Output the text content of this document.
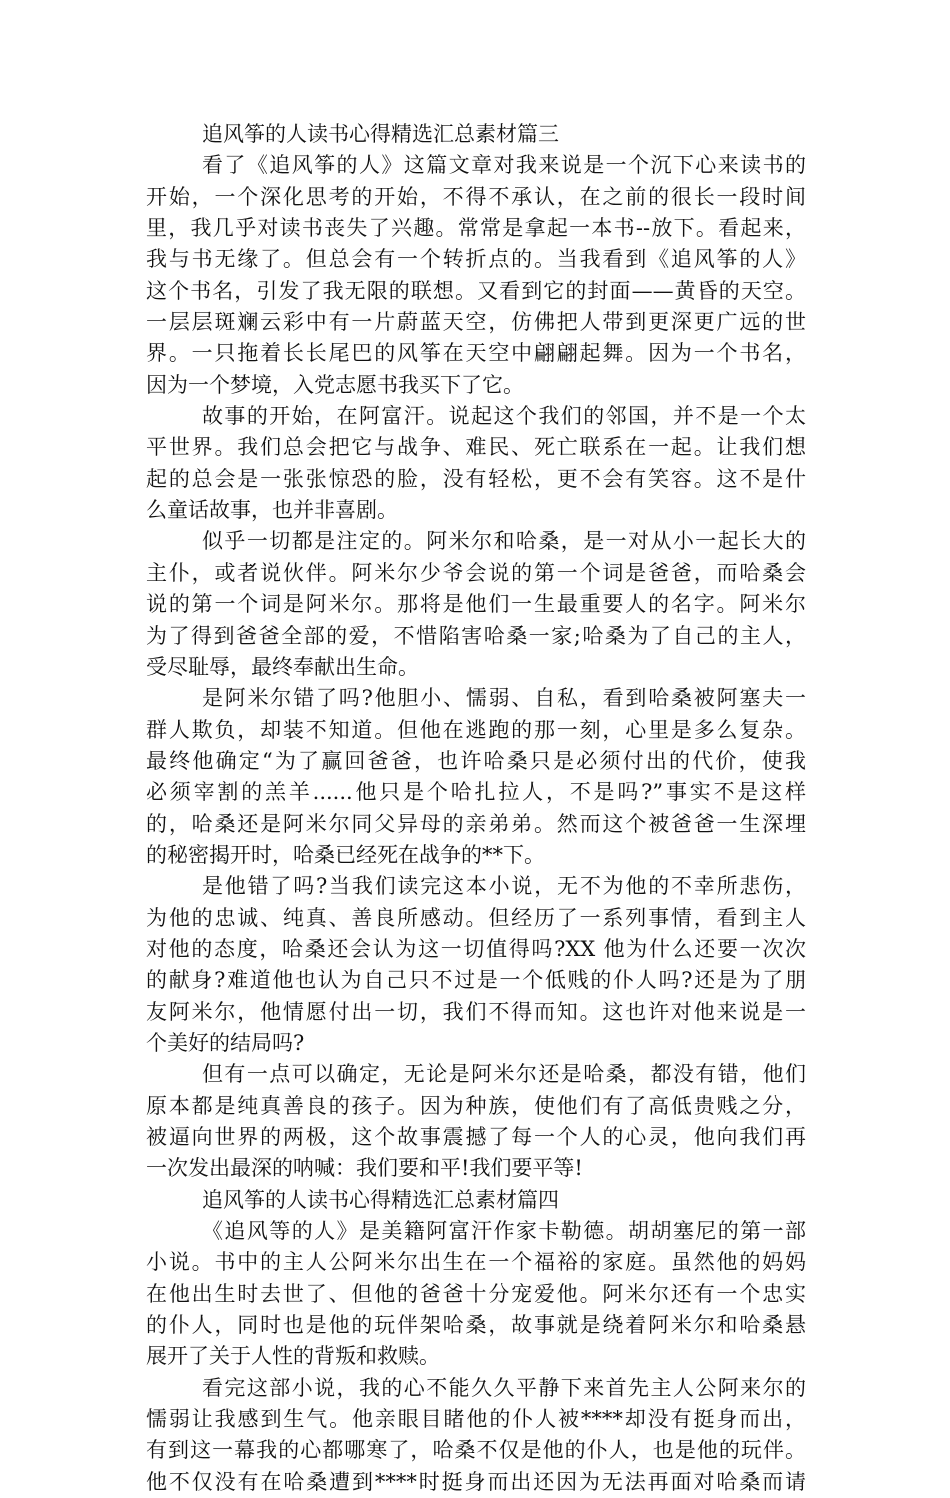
追风筝的人读书心得精选汇总素材篇三
看了《追风筝的人》这篇文章对我来说是一个沉下心来读书的
开始，一个深化思考的开始，不得不承认，在之前的很长一段时间
里，我几乎对读书丧失了兴趣。常常是拿起一本书--放下。看起来，
我与书无缘了。但总会有一个转折点的。当我看到《追风筝的人》
这个书名，引发了我无限的联想。又看到它的封面——黄昏的天空。
一层层斑斓云彩中有一片蔚蓝天空，仿佛把人带到更深更广远的世
界。一只拖着长长尾巴的风筝在天空中翩翩起舞。因为一个书名，
因为一个梦境，入党志愿书我买下了它。
故事的开始，在阿富汗。说起这个我们的邻国，并不是一个太
平世界。我们总会把它与战争、难民、死亡联系在一起。让我们想
起的总会是一张张惊恐的脸，没有轻松，更不会有笑容。这不是什
么童话故事，也并非喜剧。
似乎一切都是注定的。阿米尔和哈桑，是一对从小一起长大的
主仆，或者说伙伴。阿米尔少爷会说的第一个词是爸爸，而哈桑会
说的第一个词是阿米尔。那将是他们一生最重要人的名字。阿米尔
为了得到爸爸全部的爱，不惜陷害哈桑一家;哈桑为了自己的主人，
受尽耻辱，最终奉献出生命。
是阿米尔错了吗?他胆小、懦弱、自私，看到哈桑被阿塞夫一
群人欺负，却装不知道。但他在逃跑的那一刻，心里是多么复杂。
最终他确定“为了赢回爸爸，也许哈桑只是必须付出的代价，使我
必须宰割的羔羊......他只是个哈扎拉人，不是吗?”事实不是这样
的，哈桑还是阿米尔同父异母的亲弟弟。然而这个被爸爸一生深埋
的秘密揭开时，哈桑已经死在战争的**下。
是他错了吗?当我们读完这本小说，无不为他的不幸所悲伤，
为他的忠诚、纯真、善良所感动。但经历了一系列事情，看到主人
对他的态度，哈桑还会认为这一切值得吗?XX 他为什么还要一次次
的献身?难道他也认为自己只不过是一个低贱的仆人吗?还是为了朋
友阿米尔，他情愿付出一切，我们不得而知。这也许对他来说是一
个美好的结局吗?
但有一点可以确定，无论是阿米尔还是哈桑，都没有错，他们
原本都是纯真善良的孩子。因为种族，使他们有了高低贵贱之分，
被逼向世界的两极，这个故事震撼了每一个人的心灵，他向我们再
一次发出最深的呐喊：我们要和平!我们要平等!
追风筝的人读书心得精选汇总素材篇四
《追风等的人》是美籍阿富汗作家卡勒德。胡胡塞尼的第一部
小说。书中的主人公阿米尔出生在一个福裕的家庭。虽然他的妈妈
在他出生时去世了、但他的爸爸十分宠爱他。阿米尔还有一个忠实
的仆人，同时也是他的玩伴架哈桑，故事就是绕着阿米尔和哈桑悬
展开了关于人性的背叛和救赎。
看完这部小说，我的心不能久久平静下来首先主人公阿来尔的
懦弱让我感到生气。他亲眼目睹他的仆人被****却没有挺身而出，
有到这一幕我的心都哪寒了，哈桑不仅是他的仆人，也是他的玩伴。
他不仅没有在哈桑遭到****时挺身而出还因为无法再面对哈桑而请
